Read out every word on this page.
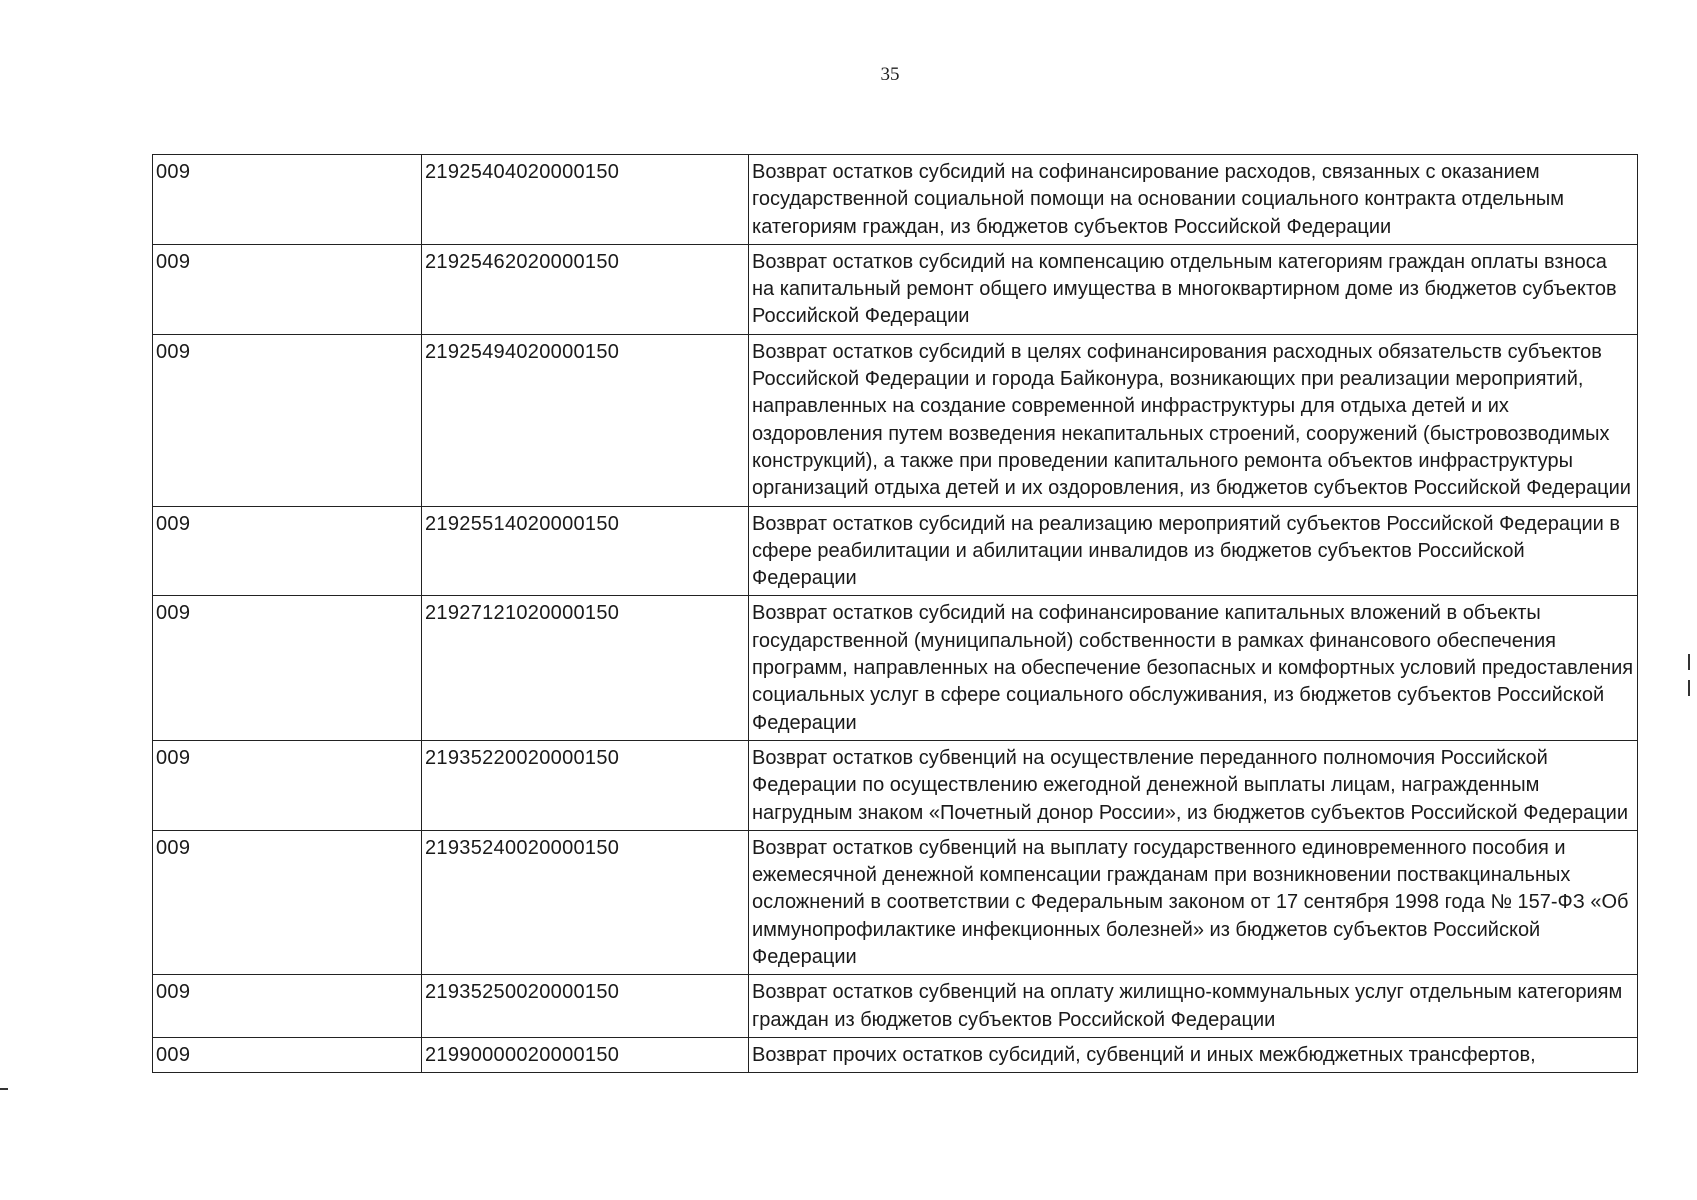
35
009	21925404020000150	Возврат остатков субсидий на софинансирование расходов, связанных с оказанием государственной социальной помощи на основании социального контракта отдельным категориям граждан, из бюджетов субъектов Российской Федерации
009	21925462020000150	Возврат остатков субсидий на компенсацию отдельным категориям граждан оплаты взноса на капитальный ремонт общего имущества в многоквартирном доме из бюджетов субъектов Российской Федерации
009	21925494020000150	Возврат остатков субсидий в целях софинансирования расходных обязательств субъектов Российской Федерации и города Байконура, возникающих при реализации мероприятий, направленных на создание современной инфраструктуры для отдыха детей и их оздоровления путем возведения некапитальных строений, сооружений (быстровозводимых конструкций), а также при проведении капитального ремонта объектов инфраструктуры организаций отдыха детей и их оздоровления, из бюджетов субъектов Российской Федерации
009	21925514020000150	Возврат остатков субсидий на реализацию мероприятий субъектов Российской Федерации в сфере реабилитации и абилитации инвалидов из бюджетов субъектов Российской Федерации
009	21927121020000150	Возврат остатков субсидий на софинансирование капитальных вложений в объекты государственной (муниципальной) собственности в рамках финансового обеспечения программ, направленных на обеспечение безопасных и комфортных условий предоставления социальных услуг в сфере социального обслуживания, из бюджетов субъектов Российской Федерации
009	21935220020000150	Возврат остатков субвенций на осуществление переданного полномочия Российской Федерации по осуществлению ежегодной денежной выплаты лицам, награжденным нагрудным знаком «Почетный донор России», из бюджетов субъектов Российской Федерации
009	21935240020000150	Возврат остатков субвенций на выплату государственного единовременного пособия и ежемесячной денежной компенсации гражданам при возникновении поствакцинальных осложнений в соответствии с Федеральным законом от 17 сентября 1998 года № 157-ФЗ «Об иммунопрофилактике инфекционных болезней» из бюджетов субъектов Российской Федерации
009	21935250020000150	Возврат остатков субвенций на оплату жилищно-коммунальных услуг отдельным категориям граждан из бюджетов субъектов Российской Федерации
009	21990000020000150	Возврат прочих остатков субсидий, субвенций и иных межбюджетных трансфертов,
